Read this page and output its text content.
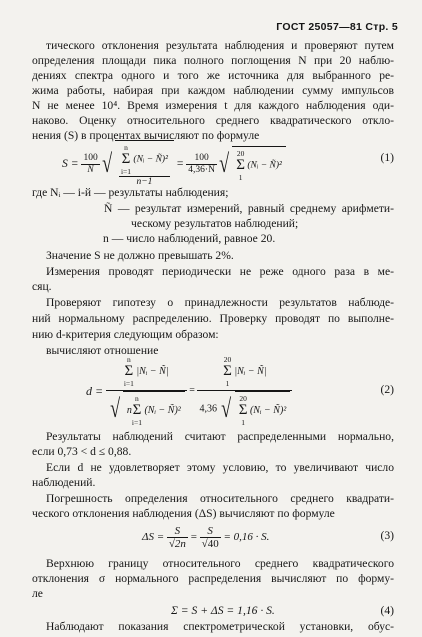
ГОСТ 25057—81 Стр. 5
тического отклонения результата наблюдения и проверяют путем
определения площади пика полного поглощения N при 20 наблю-
дениях спектра одного и того же источника для выбранного ре-
жима работы, набирая при каждом наблюдении сумму импульсов
N не менее 10⁴. Время измерения t для каждого наблюдения оди-
наково. Оценку относительного среднего квадратического откло-
нения (S) в процентах вычисляют по формуле
S =
$\frac{100}{Ñ}$ √ n
Σ
i=1
(Nᵢ − Ñ)²
n−1
=
$\frac{100}{4,36\cdot Ñ}$ √ 20
Σ
1
(Nᵢ − Ñ)²
(1)
где Nᵢ — i-й — результаты наблюдения;
Ñ — результат измерений, равный среднему арифмети-
ческому результатов наблюдений;
n — число наблюдений, равное 20.
Значение S не должно превышать 2%.
Измерения проводят периодически не реже одного раза в ме-
сяц.
Проверяют гипотезу о принадлежности результатов наблюде-
ний нормальному распределению. Проверку проводят по выполне-
нию d-критерия следующим образом:
вычисляют отношение
d =
n
Σ
i=1
|Nᵢ − Ñ|
√ n
n
Σ
i=1
(Nᵢ − Ñ)² = 20
Σ
1
|Nᵢ − Ñ|
4,36 √ 20
Σ
1
(Nᵢ − Ñ)²	(2)
Результаты наблюдений считают распределенными нормально,
если 0,73 < d ≤ 0,88.
Если d не удовлетворяет этому условию, то увеличивают число
наблюдений.
Погрешность определения относительного среднего квадрати-
ческого отклонения наблюдения (ΔS) вычисляют по формуле
ΔS =
$\frac{S}{√2n} = \frac{S}{√40}$
= 0,16 · S.	(3)
Верхнюю границу относительного среднего квадратического
отклонения σ нормального распределения вычисляют по форму-
ле
Σ = S + ΔS = 1,16 · S.	(4)
Наблюдают показания спектрометрической установки, обус-
